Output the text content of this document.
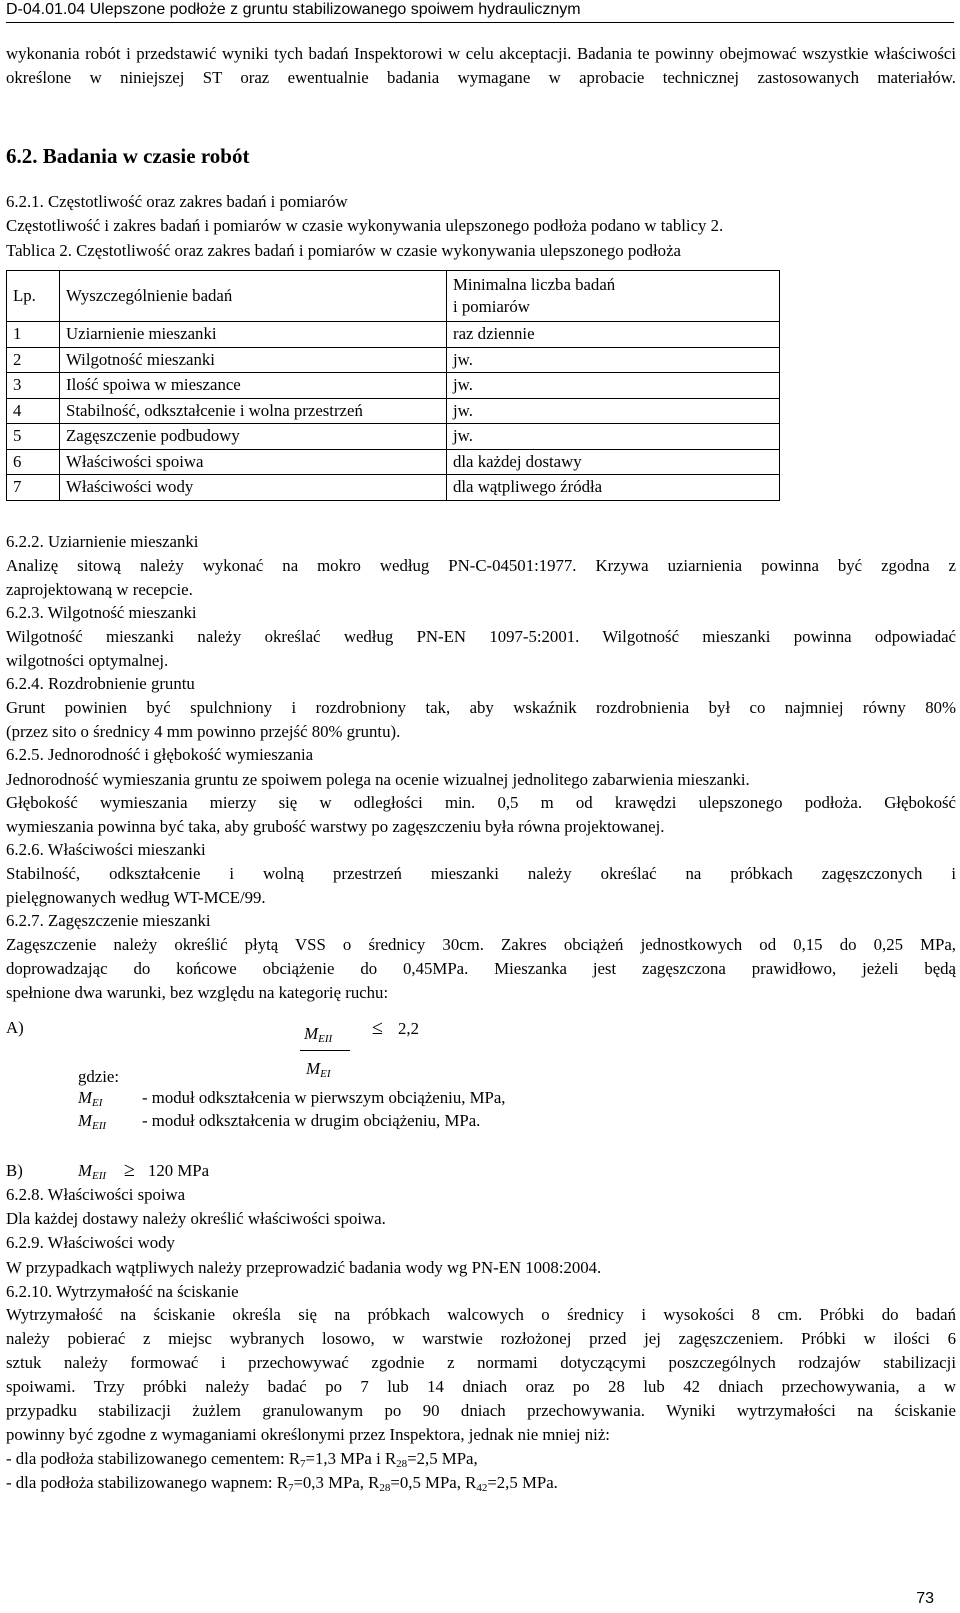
D-04.01.04 Ulepszone podłoże z gruntu stabilizowanego spoiwem hydraulicznym
wykonania robót i przedstawić wyniki tych badań Inspektorowi w celu akceptacji. Badania te powinny obejmować wszystkie właściwości określone w niniejszej ST oraz ewentualnie badania wymagane w aprobacie technicznej zastosowanych materiałów.
6.2. Badania w czasie robót
6.2.1. Częstotliwość oraz zakres badań i pomiarów
Częstotliwość i zakres badań i pomiarów w czasie wykonywania ulepszonego podłoża podano w tablicy 2.
Tablica 2. Częstotliwość oraz zakres badań i pomiarów w czasie wykonywania ulepszonego podłoża
Lp.	Wyszczególnienie badań	Minimalna liczba badań
i pomiarów

1	Uziarnienie mieszanki	raz dziennie
2	Wilgotność mieszanki	jw.
3	Ilość spoiwa w mieszance	jw.
4	Stabilność, odkształcenie i wolna przestrzeń	jw.
5	Zagęszczenie podbudowy	jw.
6	Właściwości spoiwa	dla każdej dostawy
7	Właściwości wody	dla wątpliwego źródła
6.2.2. Uziarnienie mieszanki
Analizę sitową należy wykonać na mokro według PN-C-04501:1977. Krzywa uziarnienia powinna być zgodna z
zaprojektowaną w recepcie.
6.2.3. Wilgotność mieszanki
Wilgotność mieszanki należy określać według PN-EN 1097-5:2001. Wilgotność mieszanki powinna odpowiadać
wilgotności optymalnej.
6.2.4. Rozdrobnienie gruntu
Grunt powinien być spulchniony i rozdrobniony tak, aby wskaźnik rozdrobnienia był co najmniej równy 80%
(przez sito o średnicy 4 mm powinno przejść 80% gruntu).
6.2.5. Jednorodność i głębokość wymieszania
Jednorodność wymieszania gruntu ze spoiwem polega na ocenie wizualnej jednolitego zabarwienia mieszanki.
Głębokość wymieszania mierzy się w odległości min. 0,5 m od krawędzi ulepszonego podłoża. Głębokość
wymieszania powinna być taka, aby grubość warstwy po zagęszczeniu była równa projektowanej.
6.2.6. Właściwości mieszanki
Stabilność, odkształcenie i wolną przestrzeń mieszanki należy określać na próbkach zagęszczonych i
pielęgnowanych według WT-MCE/99.
6.2.7. Zagęszczenie mieszanki
Zagęszczenie należy określić płytą VSS o średnicy 30cm. Zakres obciążeń jednostkowych od 0,15 do 0,25 MPa,
doprowadzając do końcowe obciążenie do 0,45MPa. Mieszanka jest zagęszczona prawidłowo, jeżeli będą
spełnione dwa warunki, bez względu na kategorię ruchu:
A)	$M_{EII}$
$M_{EI}$
≤ 2,2
gdzie:
$M_{EI}$ - moduł odkształcenia w pierwszym obciążeniu, MPa,
$M_{EII}$ - moduł odkształcenia w drugim obciążeniu, MPa.
B)	$M_{EII} \ge 120$ MPa
6.2.8. Właściwości spoiwa
Dla każdej dostawy należy określić właściwości spoiwa.
6.2.9. Właściwości wody
W przypadkach wątpliwych należy przeprowadzić badania wody wg PN-EN 1008:2004.
6.2.10. Wytrzymałość na ściskanie
Wytrzymałość na ściskanie określa się na próbkach walcowych o średnicy i wysokości 8 cm. Próbki do badań
należy pobierać z miejsc wybranych losowo, w warstwie rozłożonej przed jej zagęszczeniem. Próbki w ilości 6
sztuk należy formować i przechowywać zgodnie z normami dotyczącymi poszczególnych rodzajów stabilizacji
spoiwami. Trzy próbki należy badać po 7 lub 14 dniach oraz po 28 lub 42 dniach przechowywania, a w
przypadku stabilizacji żużlem granulowanym po 90 dniach przechowywania. Wyniki wytrzymałości na ściskanie
powinny być zgodne z wymaganiami określonymi przez Inspektora, jednak nie mniej niż:
- dla podłoża stabilizowanego cementem: $R_7=1,3$ MPa i $R_{28}=2,5$ MPa,
- dla podłoża stabilizowanego wapnem: $R_7=0,3$ MPa, $R_{28}=0,5$ MPa, $R_{42}=2,5$ MPa.
73
